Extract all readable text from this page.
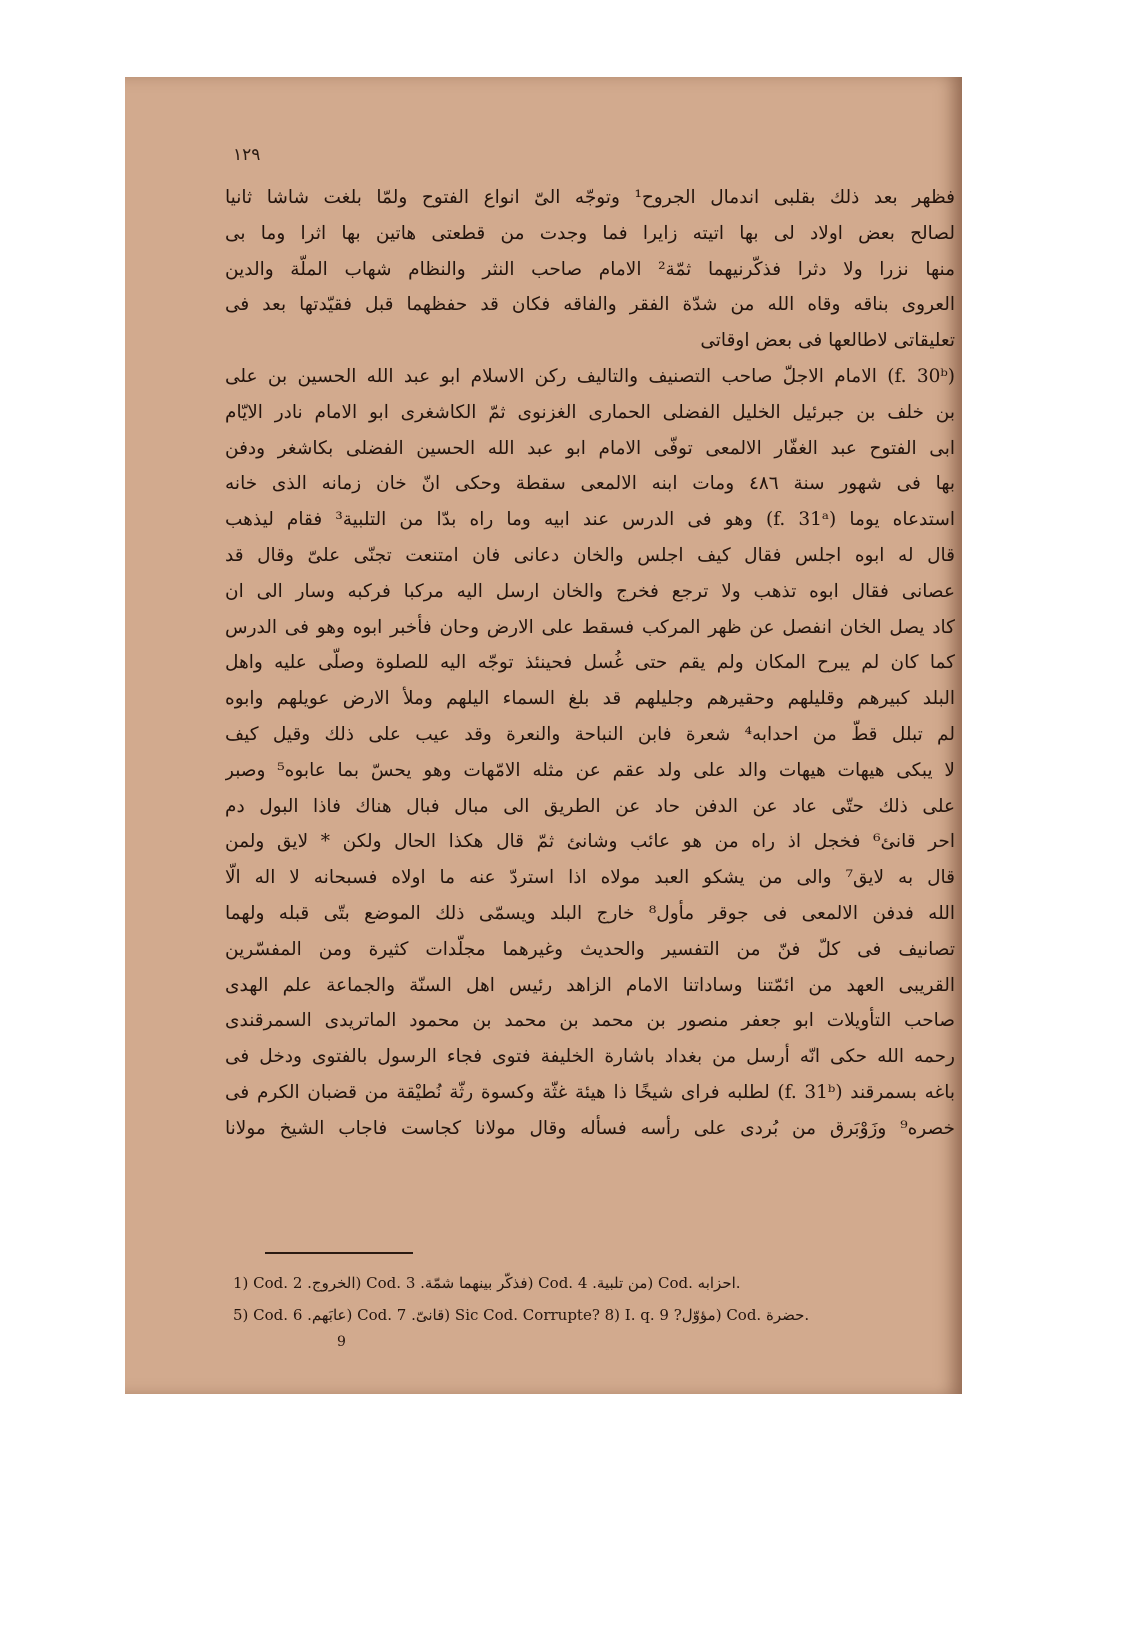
١٢٩
فظهر بعد ذلك بقلبى اندمال الجروح¹ وتوجّه الىّ انواع الفتوح ولمّا بلغت شاشا ثانيا
لصالح بعض اولاد لى بها اتيته زايرا فما وجدت من قطعتى هاتين بها اثرا وما بى
منها نزرا ولا دثرا فذكّرنيهما ثمّة² الامام صاحب النثر والنظام شهاب الملّة والدين
العروى بناقه وقاه الله من شدّة الفقر والفاقه فكان قد حفظهما قبل فقيّدتها بعد فى
تعليقاتى لاطالعها فى بعض اوقاتى
(f. 30ᵇ) الامام الاجلّ صاحب التصنيف والتاليف ركن الاسلام ابو عبد الله الحسين بن على
بن خلف بن جبرئيل الخليل الفضلى الحمارى الغزنوى ثمّ الكاشغرى ابو الامام نادر الايّام
ابى الفتوح عبد الغفّار الالمعى توفّى الامام ابو عبد الله الحسين الفضلى بكاشغر ودفن
بها فى شهور سنة ٤٨٦ ومات ابنه الالمعى سقطة وحكى انّ خان زمانه الذى خانه
استدعاه يوما (f. 31ᵃ) وهو فى الدرس عند ابيه وما راه بدّا من التلبية³ فقام ليذهب
قال له ابوه اجلس فقال كيف اجلس والخان دعانى فان امتنعت تجنّى علىّ وقال قد
عصانى فقال ابوه تذهب ولا ترجع فخرج والخان ارسل اليه مركبا فركبه وسار الى ان
كاد يصل الخان انفصل عن ظهر المركب فسقط على الارض وحان فأخبر ابوه وهو فى الدرس
كما كان لم يبرح المكان ولم يقم حتى غُسل فحينئذ توجّه اليه للصلوة وصلّى عليه واهل
البلد كبيرهم وقليلهم وحقيرهم وجليلهم قد بلغ السماء اليلهم وملأ الارض عويلهم وابوه
لم تبلل قطّ من احدابه⁴ شعرة فابن النباحة والنعرة وقد عيب على ذلك وقيل كيف
لا يبكى هيهات هيهات والد على ولد عقم عن مثله الامّهات وهو يحسّ بما عابوه⁵ وصبر
على ذلك حتّى عاد عن الدفن حاد عن الطريق الى مبال فبال هناك فاذا البول دم
احر قانئ⁶ فخجل اذ راه من هو عائب وشانئ ثمّ قال هكذا الحال ولكن * لايق ولمن
قال به لايق⁷ والى من يشكو العبد مولاه اذا استردّ عنه ما اولاه فسبحانه لا اله الّا
الله فدفن الالمعى فى جوقر مأول⁸ خارج البلد ويسمّى ذلك الموضع بتّى قبله ولهما
تصانيف فى كلّ فنّ من التفسير والحديث وغيرهما مجلّدات كثيرة ومن المفسّرين
القريبى العهد من ائمّتنا وساداتنا الامام الزاهد رئيس اهل السنّة والجماعة علم الهدى
صاحب التأويلات ابو جعفر منصور بن محمد بن محمد بن محمود الماتريدى السمرقندى
رحمه الله حكى انّه أرسل من بغداد باشارة الخليفة فتوى فجاء الرسول بالفتوى ودخل فى
باغه بسمرقند (f. 31ᵇ) لطلبه فراى شيخًا ذا هيئة غثّة وكسوة رثّة نُطيْقة من قضبان الكرم فى
خصره⁹ وزَوْبَرق من بُردى على رأسه فسأله وقال مولانا كجاست فاجاب الشيخ مولانا
1) Cod. الخروج. 2) Cod. فذكّر بينهما شمّة. 3) Cod. من تلبية. 4) Cod. احزابه.
5) Cod. عابَهم. 6) Cod. قانىّ. 7) Sic Cod. Corrupte? 8) I. q. مؤوّل? 9) Cod. حضرة.
9
